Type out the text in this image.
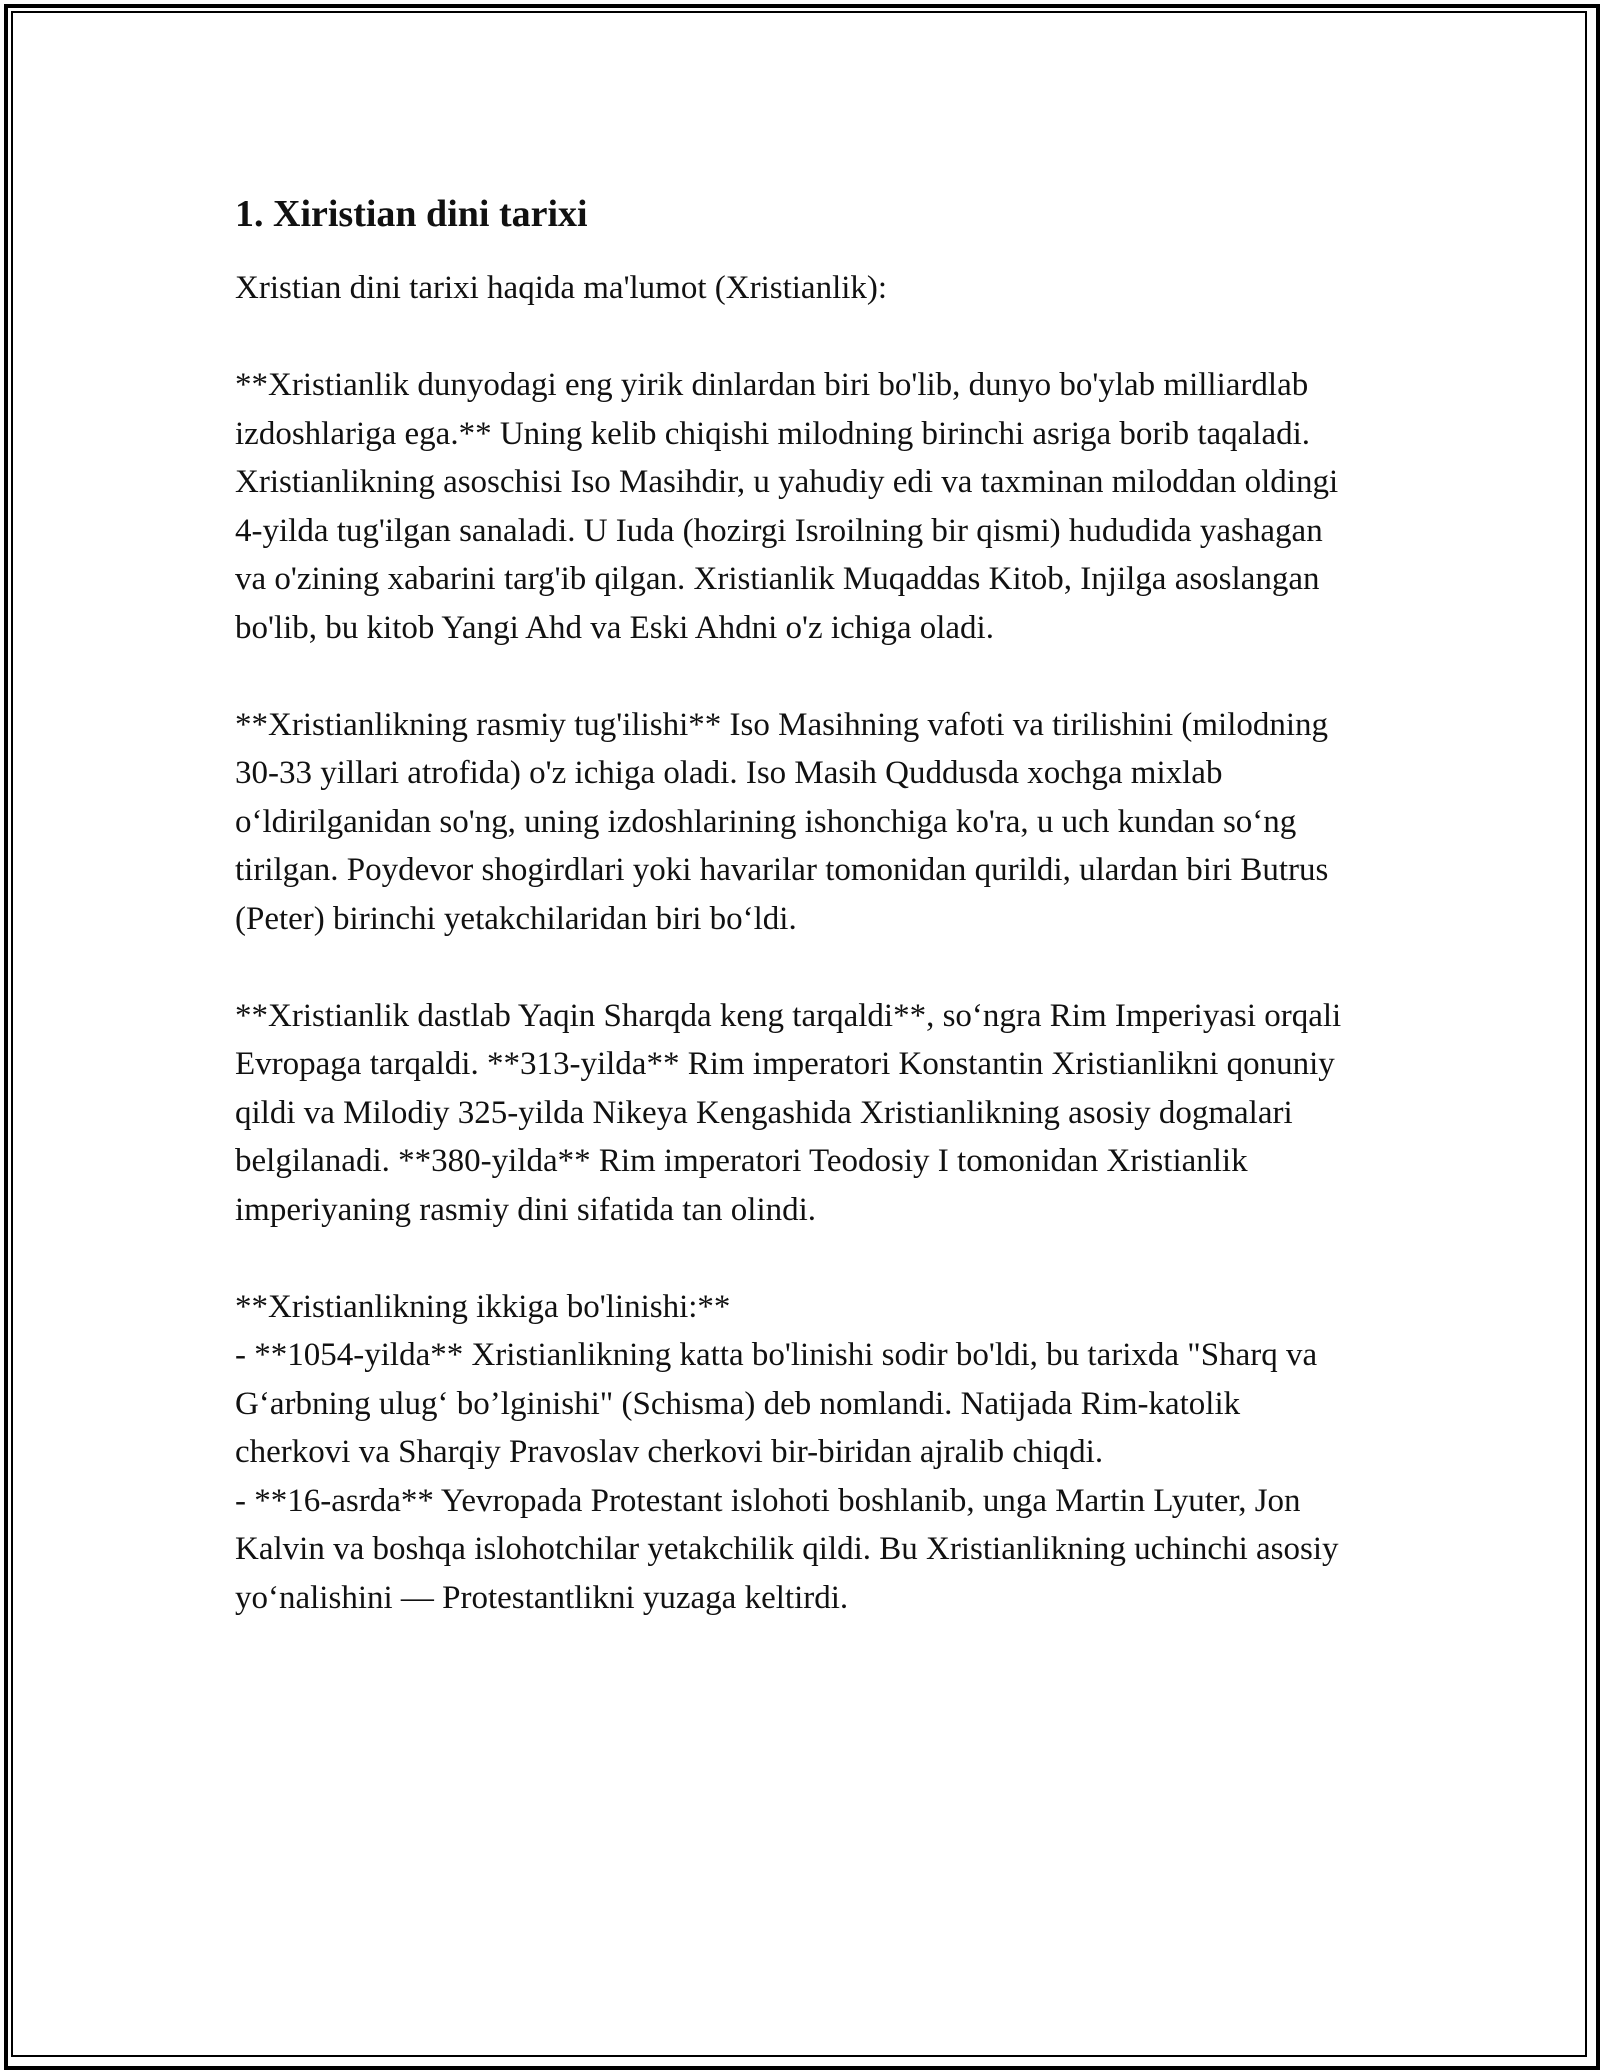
1. Xiristian dini tarixi

Xristian dini tarixi haqida ma'lumot (Xristianlik):

**Xristianlik dunyodagi eng yirik dinlardan biri bo'lib, dunyo bo'ylab milliardlab izdoshlariga ega.** Uning kelib chiqishi milodning birinchi asriga borib taqaladi. Xristianlikning asoschisi Iso Masihdir, u yahudiy edi va taxminan miloddan oldingi 4-yilda tug'ilgan sanaladi. U Iuda (hozirgi Isroilning bir qismi) hududida yashagan va o'zining xabarini targ'ib qilgan. Xristianlik Muqaddas Kitob, Injilga asoslangan bo'lib, bu kitob Yangi Ahd va Eski Ahdni o'z ichiga oladi.

**Xristianlikning rasmiy tug'ilishi** Iso Masihning vafoti va tirilishini (milodning 30-33 yillari atrofida) o'z ichiga oladi. Iso Masih Quddusda xochga mixlab o‘ldirilganidan so'ng, uning izdoshlarining ishonchiga ko'ra, u uch kundan so‘ng tirilgan. Poydevor shogirdlari yoki havarilar tomonidan qurildi, ulardan biri Butrus (Peter) birinchi yetakchilaridan biri bo‘ldi.

**Xristianlik dastlab Yaqin Sharqda keng tarqaldi**, so‘ngra Rim Imperiyasi orqali Evropaga tarqaldi. **313-yilda** Rim imperatori Konstantin Xristianlikni qonuniy qildi va Milodiy 325-yilda Nikeya Kengashida Xristianlikning asosiy dogmalari belgilanadi. **380-yilda** Rim imperatori Teodosiy I tomonidan Xristianlik imperiyaning rasmiy dini sifatida tan olindi.

**Xristianlikning ikkiga bo'linishi:**

- **1054-yilda** Xristianlikning katta bo'linishi sodir bo'ldi, bu tarixda "Sharq va G‘arbning ulug‘ bo’lginishi" (Schisma) deb nomlandi. Natijada Rim-katolik cherkovi va Sharqiy Pravoslav cherkovi bir-biridan ajralib chiqdi.

- **16-asrda** Yevropada Protestant islohoti boshlanib, unga Martin Lyuter, Jon Kalvin va boshqa islohotchilar yetakchilik qildi. Bu Xristianlikning uchinchi asosiy yo‘nalishini — Protestantlikni yuzaga keltirdi.
